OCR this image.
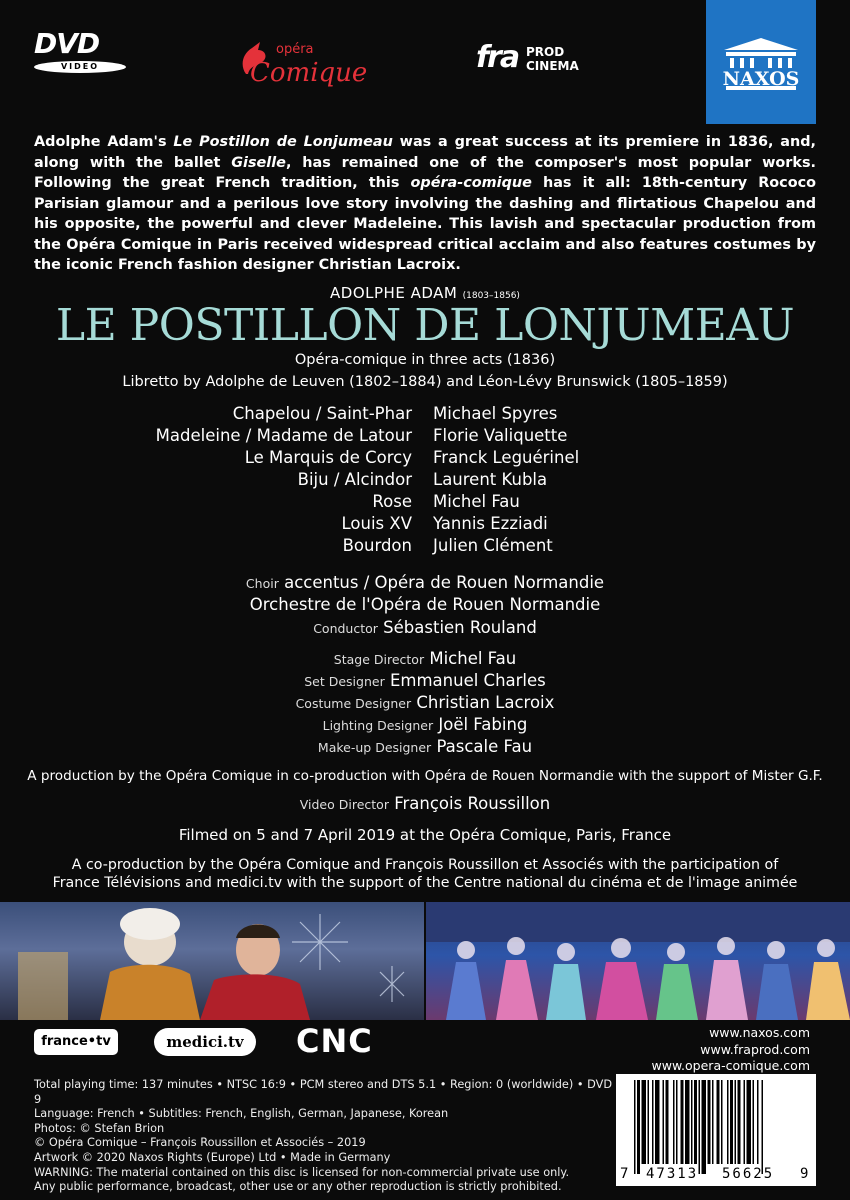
DVD
VIDEO
opéra
Comique	fra PROD
CINEMA
NAXOS
Adolphe Adam's Le Postillon de Lonjumeau was a great success at its premiere in 1836, and, along with the ballet Giselle, has remained one of the composer's most popular works. Following the great French tradition, this opéra-comique has it all: 18th-century Rococo Parisian glamour and a perilous love story involving the dashing and flirtatious Chapelou and his opposite, the powerful and clever Madeleine. This lavish and spectacular production from the Opéra Comique in Paris received widespread critical acclaim and also features costumes by the iconic French fashion designer Christian Lacroix.
ADOLPHE ADAM (1803–1856)
LE POSTILLON DE LONJUMEAU
Opéra-comique in three acts (1836)
Libretto by Adolphe de Leuven (1802–1884) and Léon-Lévy Brunswick (1805–1859)
Chapelou / Saint-Phar Michael Spyres
Madeleine / Madame de Latour Florie Valiquette
Le Marquis de Corcy Franck Leguérinel
Biju / Alcindor Laurent Kubla
Rose Michel Fau
Louis XV Yannis Ezziadi
Bourdon Julien Clément
Choir accentus / Opéra de Rouen Normandie
Orchestre de l'Opéra de Rouen Normandie
Conductor Sébastien Rouland
Stage Director Michel Fau
Set Designer Emmanuel Charles
Costume Designer Christian Lacroix
Lighting Designer Joël Fabing
Make-up Designer Pascale Fau
A production by the Opéra Comique in co-production with Opéra de Rouen Normandie with the support of Mister G.F.
Video Director François Roussillon
Filmed on 5 and 7 April 2019 at the Opéra Comique, Paris, France
A co-production by the Opéra Comique and François Roussillon et Associés with the participation of
France Télévisions and medici.tv with the support of the Centre national du cinéma et de l'image animée
france•tv	medici.tv	CNC	www.naxos.com
www.fraprod.com
www.opera-comique.com
Total playing time: 137 minutes • NTSC 16:9 • PCM stereo and DTS 5.1 • Region: 0 (worldwide) • DVD 9
Language: French • Subtitles: French, English, German, Japanese, Korean
Photos: © Stefan Brion
© Opéra Comique – François Roussillon et Associés – 2019
Artwork © 2020 Naxos Rights (Europe) Ltd • Made in Germany
WARNING: The material contained on this disc is licensed for non-commercial private use only.
Any public performance, broadcast, other use or any other reproduction is strictly prohibited.
7 47313 56625 9
